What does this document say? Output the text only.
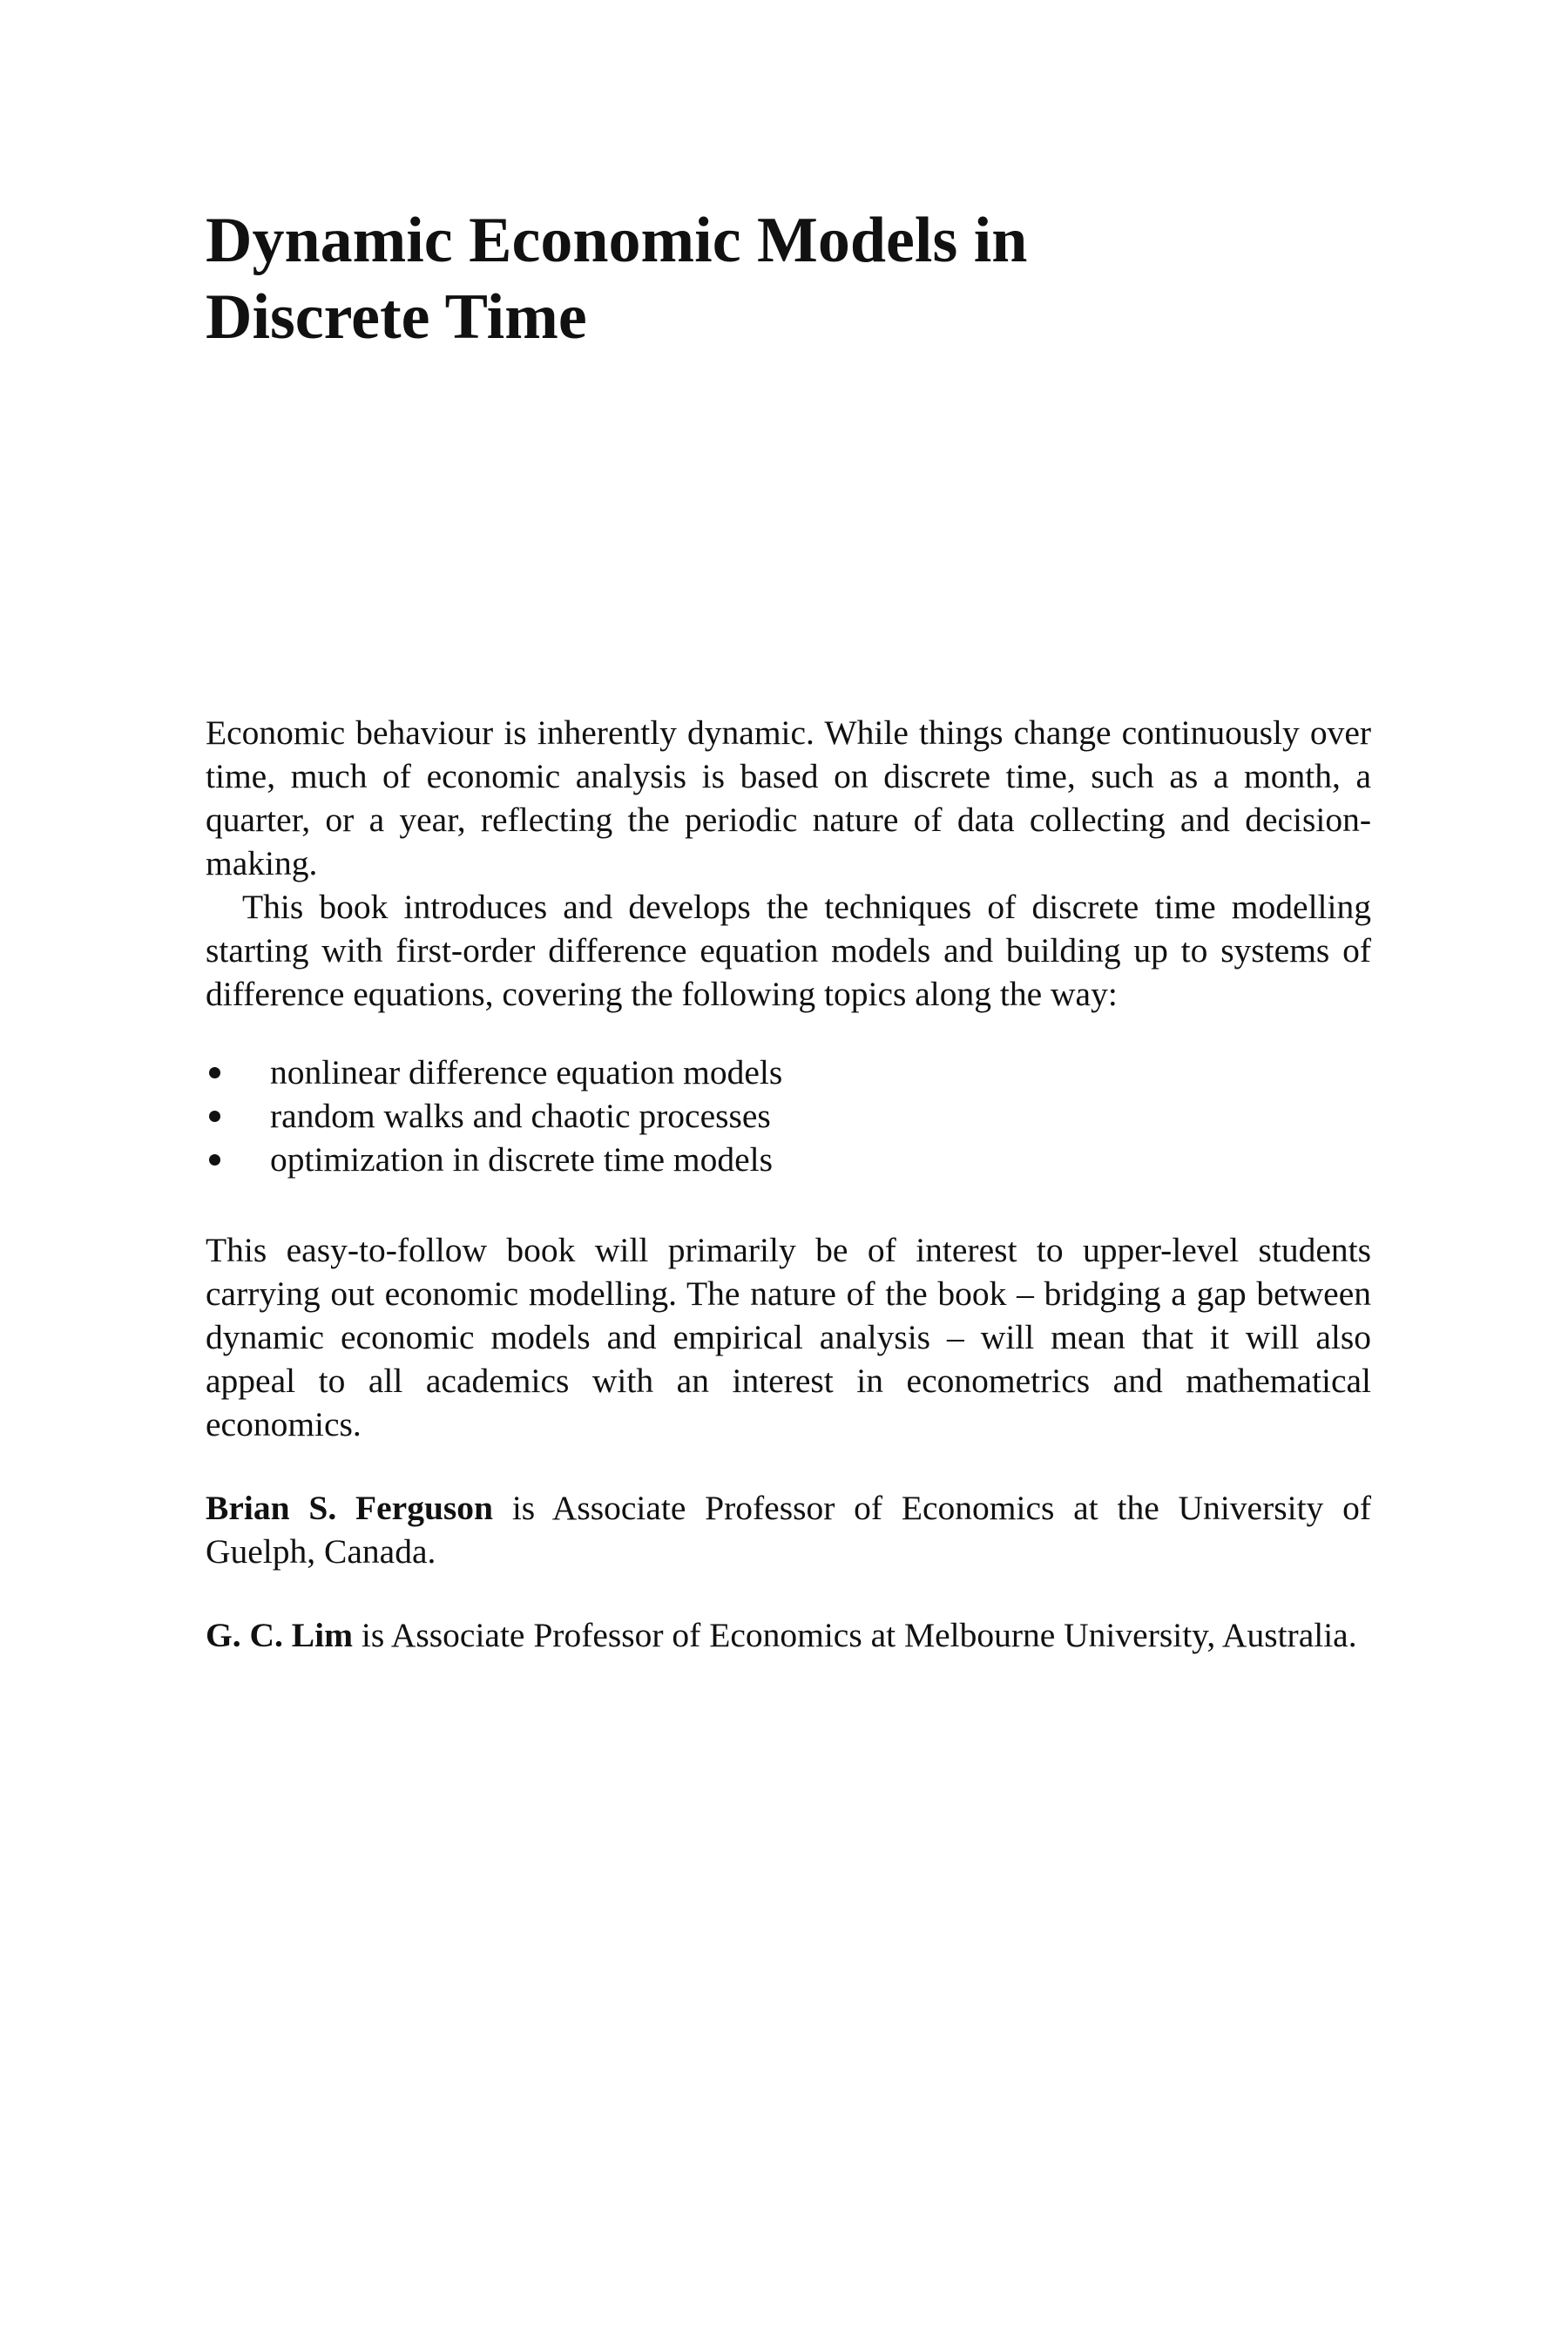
Dynamic Economic Models in
Discrete Time

Economic behaviour is inherently dynamic. While things change continuously over time, much of economic analysis is based on discrete time, such as a month, a quarter, or a year, reflecting the periodic nature of data collecting and decision-making.

This book introduces and develops the techniques of discrete time modelling starting with first-order difference equation models and building up to systems of difference equations, covering the following topics along the way:

nonlinear difference equation models
random walks and chaotic processes
optimization in discrete time models

This easy-to-follow book will primarily be of interest to upper-level students carrying out economic modelling. The nature of the book – bridging a gap between dynamic economic models and empirical analysis – will mean that it will also appeal to all academics with an interest in econometrics and mathematical economics.

Brian S. Ferguson is Associate Professor of Economics at the University of Guelph, Canada.

G. C. Lim is Associate Professor of Economics at Melbourne University, Australia.
